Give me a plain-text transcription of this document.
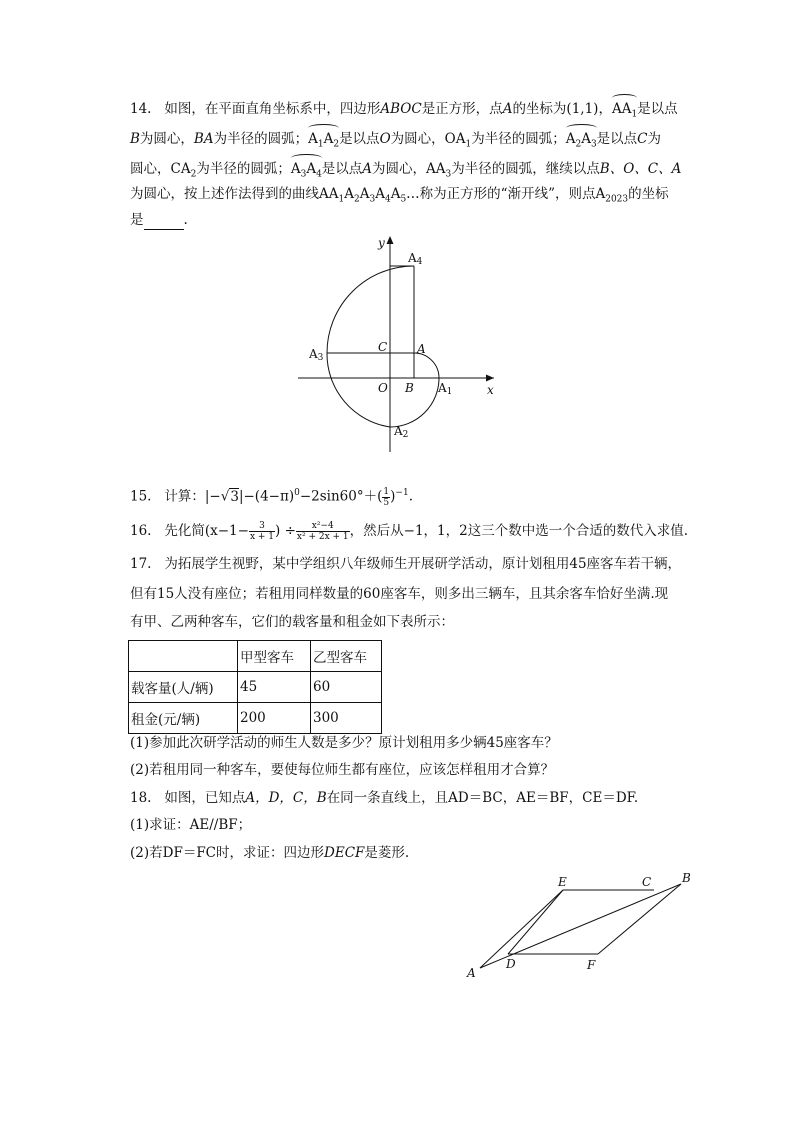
14. 如图，在平面直角坐标系中，四边形ABOC是正方形，点A的坐标为(1,1)，$AA_1$是以点
B为圆心，BA为半径的圆弧；$A_1A_2$是以点O为圆心，$OA_1$为半径的圆弧；$A_2A_3$是以点C为
圆心，$CA_2$为半径的圆弧；$A_3A_4$是以点A为圆心，$AA_3$为半径的圆弧，继续以点B、O、C、A
为圆心，按上述作法得到的曲线$AA_1A_2A_3A_4A_5\dots$称为正方形的“渐开线”，则点$A_{2023}$的坐标
是	.
y
x
O B
C A
A1
A2
A3
A4
15. 计算：$|-√3|-(4-\pi)^0-2\sin 60^\circ+( \frac{1}{5} )^{-1}$.
16. 先化简($x-1- \frac{3}{x + 1}$ ) ÷ $\frac{\text{x²−4}}{\text{x² + 2x + 1}}$ ，然后从−1，1，2这三个数中选一个合适的数代入求值.
17. 为拓展学生视野，某中学组织八年级师生开展研学活动，原计划租用45座客车若干辆，
但有15人没有座位；若租用同样数量的60座客车，则多出三辆车，且其余客车恰好坐满.现
有甲、乙两种客车，它们的载客量和租金如下表所示：
	甲型客车	乙型客车
载客量(人/辆)	45	60
租金(元/辆)	200	300
(1)参加此次研学活动的师生人数是多少？原计划租用多少辆45座客车？
(2)若租用同一种客车，要使每位师生都有座位，应该怎样租用才合算？
18. 如图，已知点A，D，C，B在同一条直线上，且AD＝BC，AE＝BF，CE＝DF.
(1)求证：AE//BF；
(2)若DF＝FC时，求证：四边形DECF是菱形.
E	C	B
A
D	F
